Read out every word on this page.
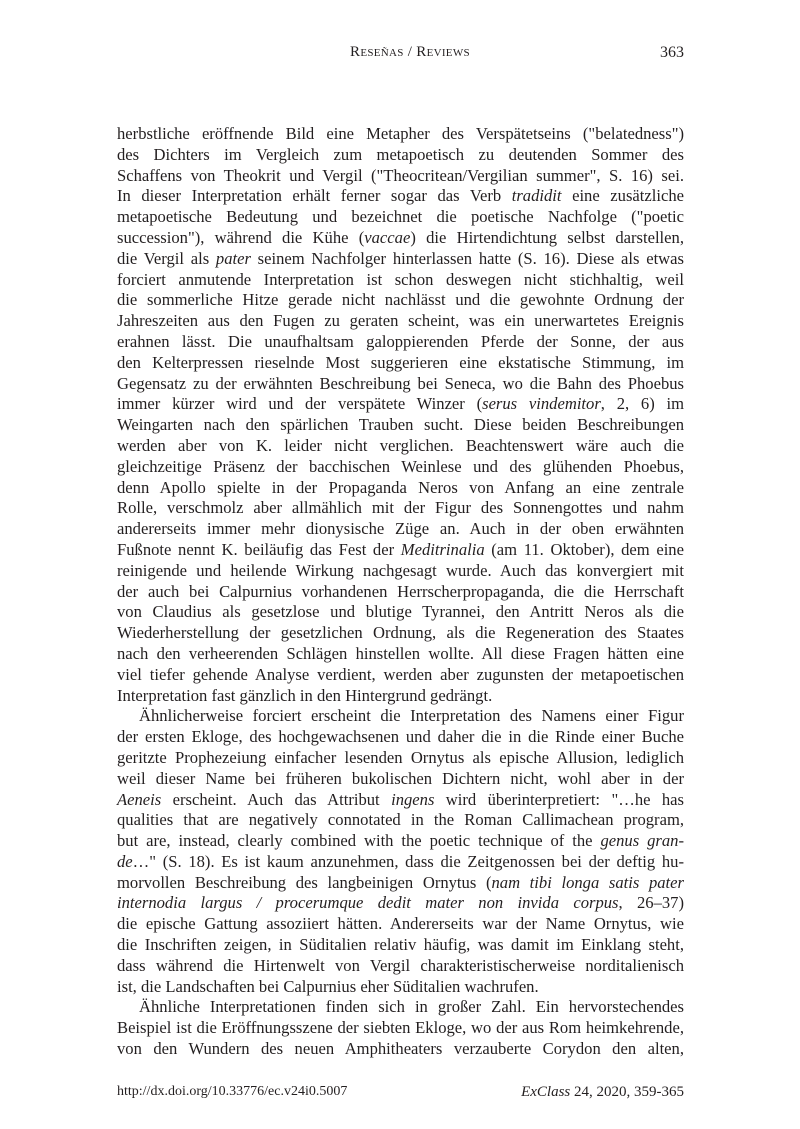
Reseñas / Reviews	363
herbstliche eröffnende Bild eine Metapher des Verspätetseins ("belatedness")
des Dichters im Vergleich zum metapoetisch zu deutenden Sommer des
Schaffens von Theokrit und Vergil ("Theocritean/Vergilian summer", S. 16) sei.
In dieser Interpretation erhält ferner sogar das Verb tradidit eine zusätzliche
metapoetische Bedeutung und bezeichnet die poetische Nachfolge ("poetic
succession"), während die Kühe (vaccae) die Hirtendichtung selbst darstellen,
die Vergil als pater seinem Nachfolger hinterlassen hatte (S. 16). Diese als etwas
forciert anmutende Interpretation ist schon deswegen nicht stichhaltig, weil
die sommerliche Hitze gerade nicht nachlässt und die gewohnte Ordnung der
Jahreszeiten aus den Fugen zu geraten scheint, was ein unerwartetes Ereignis
erahnen lässt. Die unaufhaltsam galoppierenden Pferde der Sonne, der aus
den Kelterpressen rieselnde Most suggerieren eine ekstatische Stimmung, im
Gegensatz zu der erwähnten Beschreibung bei Seneca, wo die Bahn des Phoebus
immer kürzer wird und der verspätete Winzer (serus vindemitor, 2, 6) im
Weingarten nach den spärlichen Trauben sucht. Diese beiden Beschreibungen
werden aber von K. leider nicht verglichen. Beachtenswert wäre auch die
gleichzeitige Präsenz der bacchischen Weinlese und des glühenden Phoebus,
denn Apollo spielte in der Propaganda Neros von Anfang an eine zentrale
Rolle, verschmolz aber allmählich mit der Figur des Sonnengottes und nahm
andererseits immer mehr dionysische Züge an. Auch in der oben erwähnten
Fußnote nennt K. beiläufig das Fest der Meditrinalia (am 11. Oktober), dem eine
reinigende und heilende Wirkung nachgesagt wurde. Auch das konvergiert mit
der auch bei Calpurnius vorhandenen Herrscherpropaganda, die die Herrschaft
von Claudius als gesetzlose und blutige Tyrannei, den Antritt Neros als die
Wiederherstellung der gesetzlichen Ordnung, als die Regeneration des Staates
nach den verheerenden Schlägen hinstellen wollte. All diese Fragen hätten eine
viel tiefer gehende Analyse verdient, werden aber zugunsten der metapoetischen
Interpretation fast gänzlich in den Hintergrund gedrängt.
Ähnlicherweise forciert erscheint die Interpretation des Namens einer Figur
der ersten Ekloge, des hochgewachsenen und daher die in die Rinde einer Buche
geritzte Prophezeiung einfacher lesenden Ornytus als epische Allusion, lediglich
weil dieser Name bei früheren bukolischen Dichtern nicht, wohl aber in der
Aeneis erscheint. Auch das Attribut ingens wird überinterpretiert: "…he has
qualities that are negatively connotated in the Roman Callimachean program,
but are, instead, clearly combined with the poetic technique of the genus gran-
de…" (S. 18). Es ist kaum anzunehmen, dass die Zeitgenossen bei der deftig hu-
morvollen Beschreibung des langbeinigen Ornytus (nam tibi longa satis pater
internodia largus / procerumque dedit mater non invida corpus, 26–37)
die epische Gattung assoziiert hätten. Andererseits war der Name Ornytus, wie
die Inschriften zeigen, in Süditalien relativ häufig, was damit im Einklang steht,
dass während die Hirtenwelt von Vergil charakteristischerweise norditalienisch
ist, die Landschaften bei Calpurnius eher Süditalien wachrufen.
Ähnliche Interpretationen finden sich in großer Zahl. Ein hervorstechendes
Beispiel ist die Eröffnungsszene der siebten Ekloge, wo der aus Rom heimkehrende,
von den Wundern des neuen Amphitheaters verzauberte Corydon den alten,
http://dx.doi.org/10.33776/ec.v24i0.5007	ExClass 24, 2020, 359-365
